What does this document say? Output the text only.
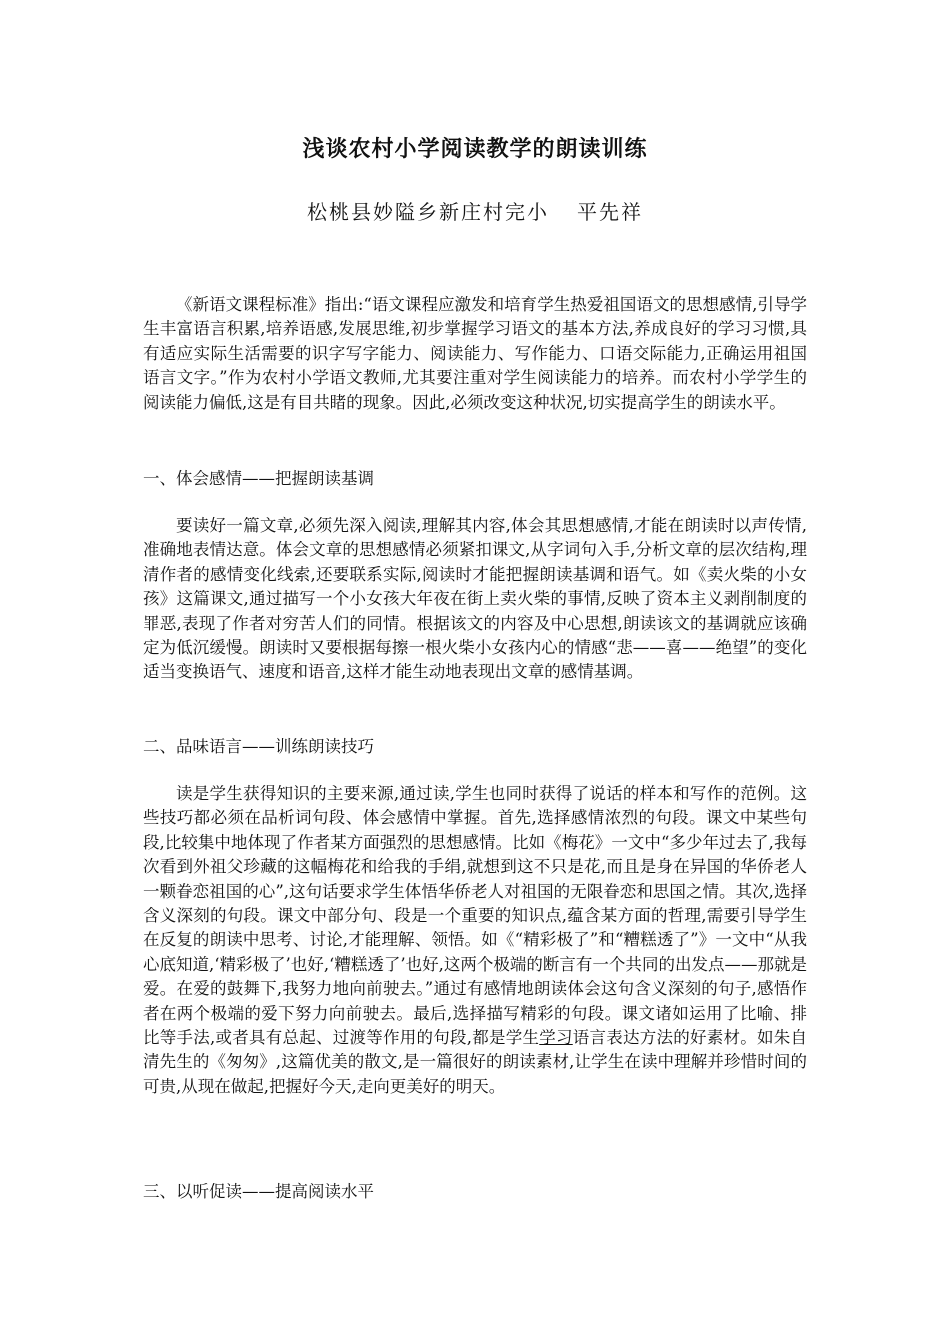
浅谈农村小学阅读教学的朗读训练

松桃县妙隘乡新庄村完小 平先祥

《新语文课程标准》指出:“语文课程应激发和培育学生热爱祖国语文的思想感情,引导学生丰富语言积累,培养语感,发展思维,初步掌握学习语文的基本方法,养成良好的学习习惯,具有适应实际生活需要的识字写字能力、阅读能力、写作能力、口语交际能力,正确运用祖国语言文字。”作为农村小学语文教师,尤其要注重对学生阅读能力的培养。而农村小学学生的阅读能力偏低,这是有目共睹的现象。因此,必须改变这种状况,切实提高学生的朗读水平。

一、体会感情——把握朗读基调

要读好一篇文章,必须先深入阅读,理解其内容,体会其思想感情,才能在朗读时以声传情,准确地表情达意。体会文章的思想感情必须紧扣课文,从字词句入手,分析文章的层次结构,理清作者的感情变化线索,还要联系实际,阅读时才能把握朗读基调和语气。如《卖火柴的小女孩》这篇课文,通过描写一个小女孩大年夜在街上卖火柴的事情,反映了资本主义剥削制度的罪恶,表现了作者对穷苦人们的同情。根据该文的内容及中心思想,朗读该文的基调就应该确定为低沉缓慢。朗读时又要根据每擦一根火柴小女孩内心的情感“悲——喜——绝望”的变化适当变换语气、速度和语音,这样才能生动地表现出文章的感情基调。

二、品味语言——训练朗读技巧

读是学生获得知识的主要来源,通过读,学生也同时获得了说话的样本和写作的范例。这些技巧都必须在品析词句段、体会感情中掌握。首先,选择感情浓烈的句段。课文中某些句段,比较集中地体现了作者某方面强烈的思想感情。比如《梅花》一文中“多少年过去了,我每次看到外祖父珍藏的这幅梅花和给我的手绢,就想到这不只是花,而且是身在异国的华侨老人一颗眷恋祖国的心”,这句话要求学生体悟华侨老人对祖国的无限眷恋和思国之情。其次,选择含义深刻的句段。课文中部分句、段是一个重要的知识点,蕴含某方面的哲理,需要引导学生在反复的朗读中思考、讨论,才能理解、领悟。如《“精彩极了”和“糟糕透了”》一文中“从我心底知道,‘精彩极了’也好,‘糟糕透了’也好,这两个极端的断言有一个共同的出发点——那就是爱。在爱的鼓舞下,我努力地向前驶去。”通过有感情地朗读体会这句含义深刻的句子,感悟作者在两个极端的爱下努力向前驶去。最后,选择描写精彩的句段。课文诸如运用了比喻、排比等手法,或者具有总起、过渡等作用的句段,都是学生学习语言表达方法的好素材。如朱自清先生的《匆匆》,这篇优美的散文,是一篇很好的朗读素材,让学生在读中理解并珍惜时间的可贵,从现在做起,把握好今天,走向更美好的明天。

三、以听促读——提高阅读水平
